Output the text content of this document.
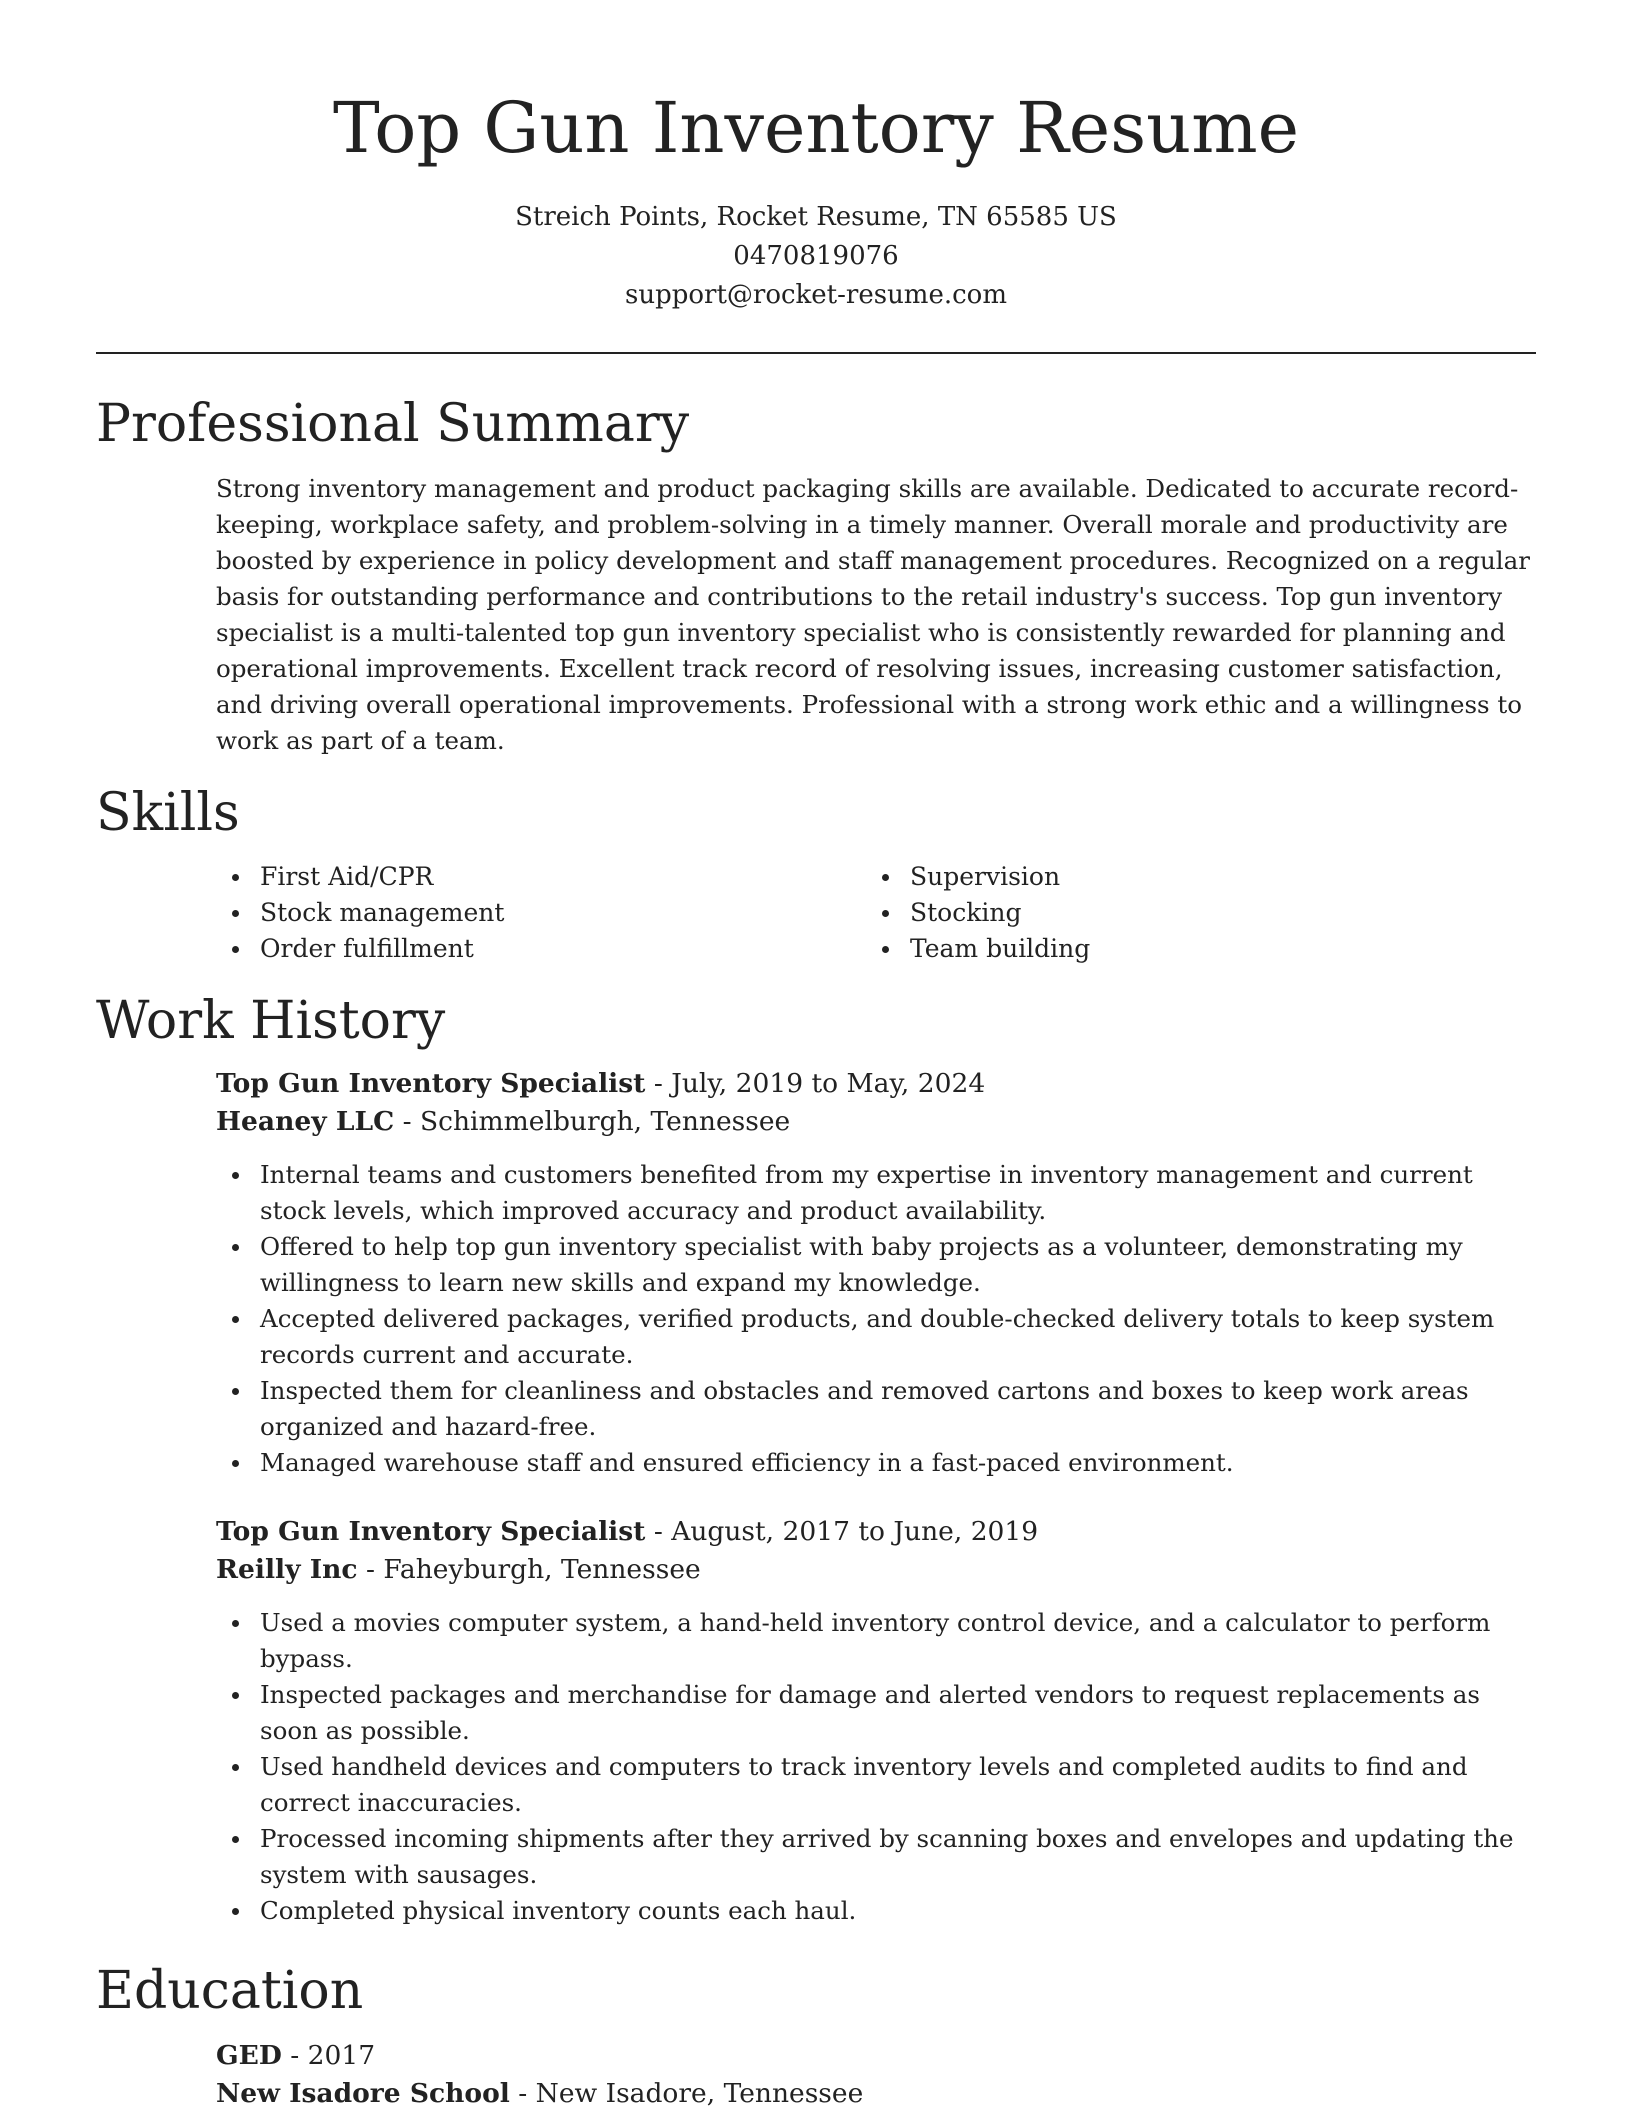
Top Gun Inventory Resume
Streich Points, Rocket Resume, TN 65585 US
0470819076
support@rocket-resume.com
Professional Summary
Strong inventory management and product packaging skills are available. Dedicated to accurate record-keeping, workplace safety, and problem-solving in a timely manner. Overall morale and productivity are boosted by experience in policy development and staff management procedures. Recognized on a regular basis for outstanding performance and contributions to the retail industry's success. Top gun inventory specialist is a multi-talented top gun inventory specialist who is consistently rewarded for planning and operational improvements. Excellent track record of resolving issues, increasing customer satisfaction, and driving overall operational improvements. Professional with a strong work ethic and a willingness to work as part of a team.
Skills
First Aid/CPR
Stock management
Order fulfillment
Supervision
Stocking
Team building
Work History
Top Gun Inventory Specialist - July, 2019 to May, 2024
Heaney LLC - Schimmelburgh, Tennessee
Internal teams and customers benefited from my expertise in inventory management and current stock levels, which improved accuracy and product availability.
Offered to help top gun inventory specialist with baby projects as a volunteer, demonstrating my willingness to learn new skills and expand my knowledge.
Accepted delivered packages, verified products, and double-checked delivery totals to keep system records current and accurate.
Inspected them for cleanliness and obstacles and removed cartons and boxes to keep work areas organized and hazard-free.
Managed warehouse staff and ensured efficiency in a fast-paced environment.
Top Gun Inventory Specialist - August, 2017 to June, 2019
Reilly Inc - Faheyburgh, Tennessee
Used a movies computer system, a hand-held inventory control device, and a calculator to perform bypass.
Inspected packages and merchandise for damage and alerted vendors to request replacements as soon as possible.
Used handheld devices and computers to track inventory levels and completed audits to find and correct inaccuracies.
Processed incoming shipments after they arrived by scanning boxes and envelopes and updating the system with sausages.
Completed physical inventory counts each haul.
Education
GED - 2017
New Isadore School - New Isadore, Tennessee
